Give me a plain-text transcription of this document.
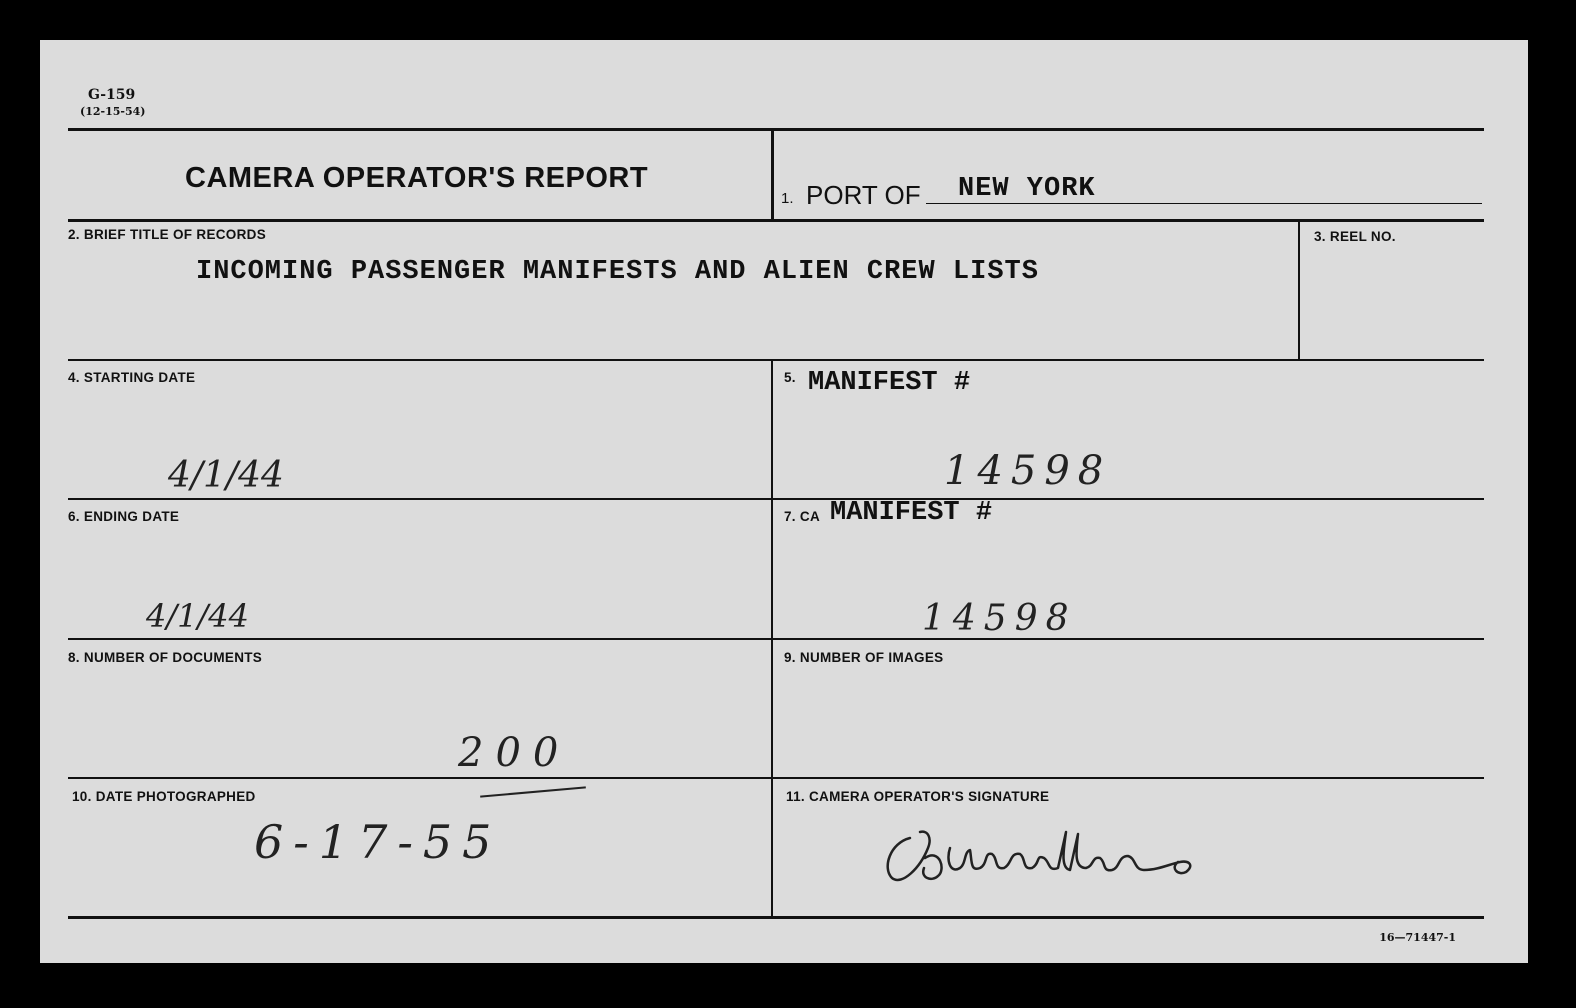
G-159
(12-15-54)
CAMERA OPERATOR'S REPORT
1. PORT OF NEW YORK
2. BRIEF TITLE OF RECORDS
INCOMING PASSENGER MANIFESTS AND ALIEN CREW LISTS
3. REEL NO.
4. STARTING DATE
4/1/44
5. MANIFEST #
14598
6. ENDING DATE
4/1/44
7. CA MANIFEST #
14598
8. NUMBER OF DOCUMENTS
200
9. NUMBER OF IMAGES
10. DATE PHOTOGRAPHED
6-17-55
11. CAMERA OPERATOR'S SIGNATURE
16—71447-1
